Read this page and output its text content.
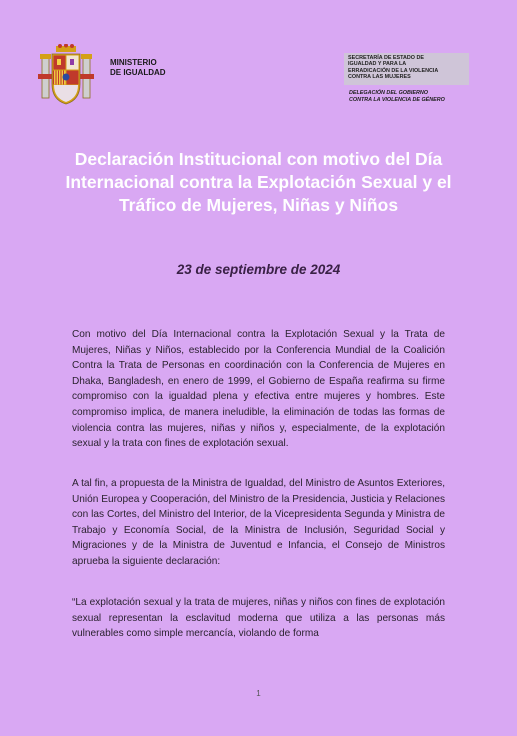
MINISTERIO
DE IGUALDAD
SECRETARÍA DE ESTADO DE
IGUALDAD Y PARA LA
ERRADICACIÓN DE LA VIOLENCIA
CONTRA LAS MUJERES
DELEGACIÓN DEL GOBIERNO
CONTRA LA VIOLENCIA DE GÉNERO
Declaración Institucional con motivo del Día Internacional contra la Explotación Sexual y el Tráfico de Mujeres, Niñas y Niños
23 de septiembre de 2024

Con motivo del Día Internacional contra la Explotación Sexual y la Trata de Mujeres, Niñas y Niños, establecido por la Conferencia Mundial de la Coalición Contra la Trata de Personas en coordinación con la Conferencia de Mujeres en Dhaka, Bangladesh, en enero de 1999, el Gobierno de España reafirma su firme compromiso con la igualdad plena y efectiva entre mujeres y hombres. Este compromiso implica, de manera ineludible, la eliminación de todas las formas de violencia contra las mujeres, niñas y niños y, especialmente, de la explotación sexual y la trata con fines de explotación sexual.

A tal fin, a propuesta de la Ministra de Igualdad, del Ministro de Asuntos Exteriores, Unión Europea y Cooperación, del Ministro de la Presidencia, Justicia y Relaciones con las Cortes, del Ministro del Interior, de la Vicepresidenta Segunda y Ministra de Trabajo y Economía Social, de la Ministra de Inclusión, Seguridad Social y Migraciones y de la Ministra de Juventud e Infancia, el Consejo de Ministros aprueba la siguiente declaración:

“La explotación sexual y la trata de mujeres, niñas y niños con fines de explotación sexual representan la esclavitud moderna que utiliza a las personas más vulnerables como simple mercancía, violando de forma

1
